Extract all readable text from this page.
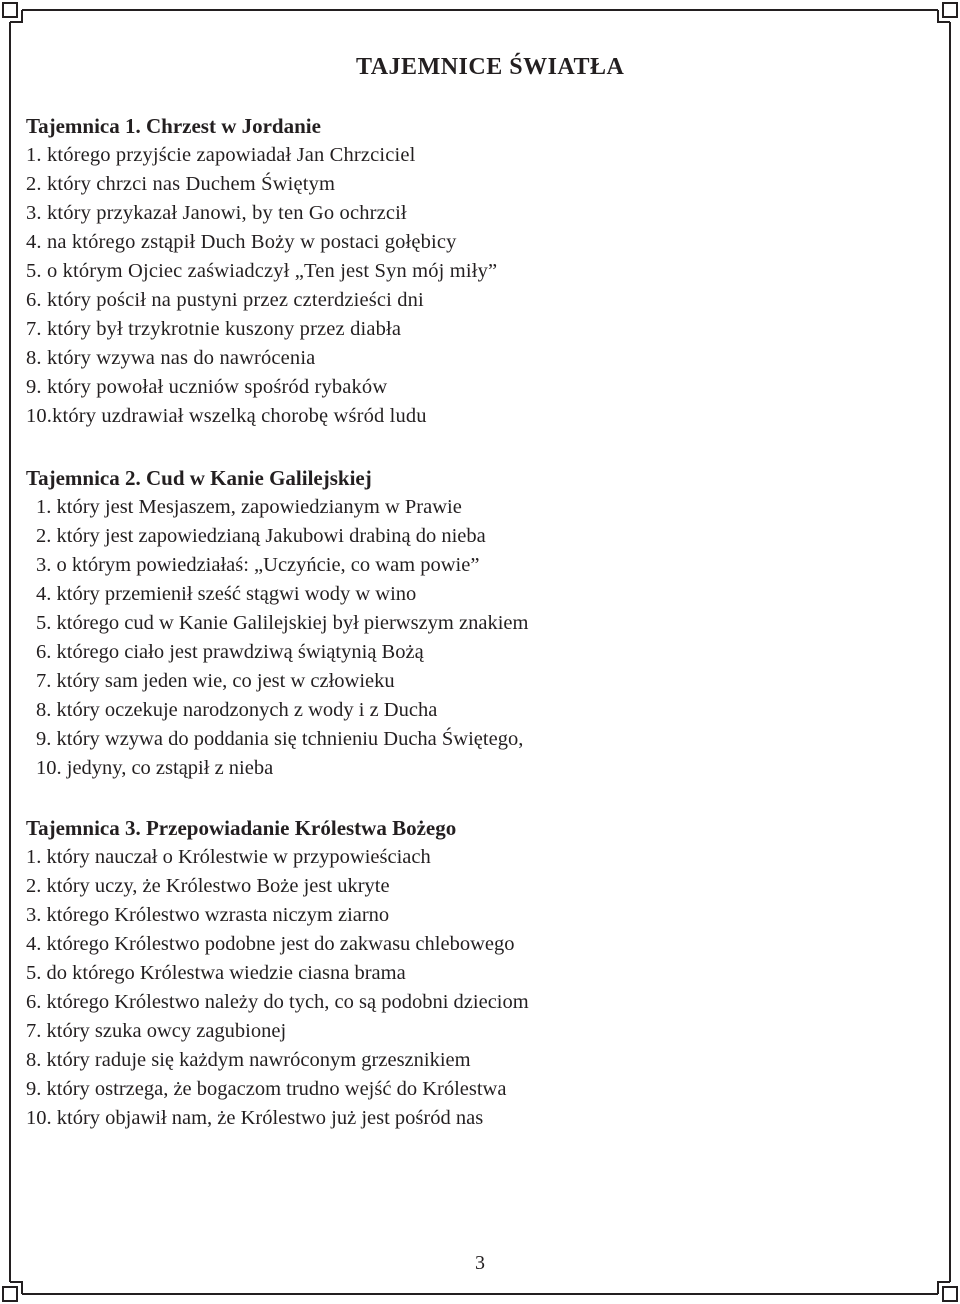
TAJEMNICE ŚWIATŁA
Tajemnica 1. Chrzest w Jordanie
1. którego przyjście zapowiadał Jan Chrzciciel
2. który chrzci nas Duchem Świętym
3. który przykazał Janowi, by ten Go ochrzcił
4. na którego zstąpił Duch Boży w postaci gołębicy
5. o którym Ojciec zaświadczył „Ten jest Syn mój miły”
6. który pościł na pustyni przez czterdzieści dni
7. który był trzykrotnie kuszony przez diabła
8. który wzywa nas do nawrócenia
9. który powołał uczniów spośród rybaków
10.który uzdrawiał wszelką chorobę wśród ludu
Tajemnica 2. Cud w Kanie Galilejskiej
1. który jest Mesjaszem, zapowiedzianym w Prawie
2. który jest zapowiedzianą Jakubowi drabiną do nieba
3. o którym powiedziałaś: „Uczyńcie, co wam powie”
4. który przemienił sześć stągwi wody w wino
5. którego cud w Kanie Galilejskiej był pierwszym znakiem
6. którego ciało jest prawdziwą świątynią Bożą
7. który sam jeden wie, co jest w człowieku
8. który oczekuje narodzonych z wody i z Ducha
9. który wzywa do poddania się tchnieniu Ducha Świętego,
10. jedyny, co zstąpił z nieba
Tajemnica 3. Przepowiadanie Królestwa Bożego
1. który nauczał o Królestwie w przypowieściach
2. który uczy, że Królestwo Boże jest ukryte
3. którego Królestwo wzrasta niczym ziarno
4. którego Królestwo podobne jest do zakwasu chlebowego
5. do którego Królestwa wiedzie ciasna brama
6. którego Królestwo należy do tych, co są podobni dzieciom
7. który szuka owcy zagubionej
8. który raduje się każdym nawróconym grzesznikiem
9. który ostrzega, że bogaczom trudno wejść do Królestwa
10. który objawił nam, że Królestwo już jest pośród nas
3
